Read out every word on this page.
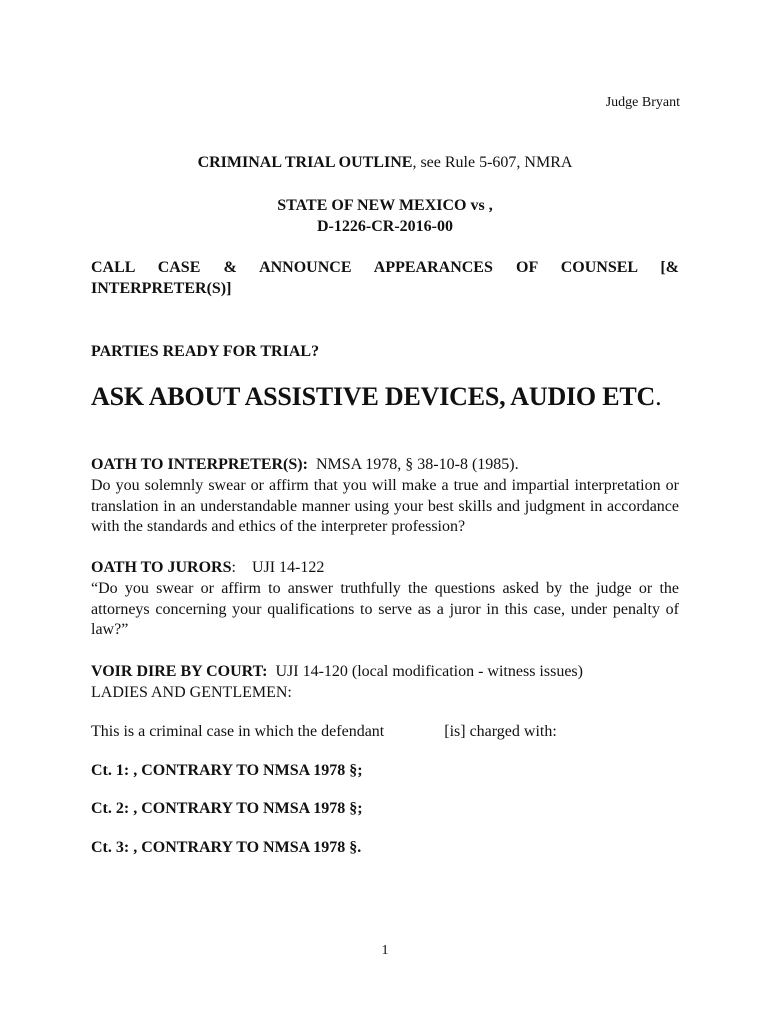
Judge Bryant
CRIMINAL TRIAL OUTLINE, see Rule 5-607, NMRA
STATE OF NEW MEXICO vs ,
D-1226-CR-2016-00
CALL CASE & ANNOUNCE APPEARANCES OF COUNSEL [&
INTERPRETER(S)]
PARTIES READY FOR TRIAL?
ASK ABOUT ASSISTIVE DEVICES, AUDIO ETC.
OATH TO INTERPRETER(S): NMSA 1978, § 38-10-8 (1985).

Do you solemnly swear or affirm that you will make a true and impartial interpretation or translation in an understandable manner using your best skills and judgment in accordance with the standards and ethics of the interpreter profession?

OATH TO JURORS: UJI 14-122

“Do you swear or affirm to answer truthfully the questions asked by the judge or the attorneys concerning your qualifications to serve as a juror in this case, under penalty of law?”

VOIR DIRE BY COURT: UJI 14-120 (local modification - witness issues)
LADIES AND GENTLEMEN:
This is a criminal case in which the defendant	[is] charged with:
Ct. 1: , CONTRARY TO NMSA 1978 §;
Ct. 2: , CONTRARY TO NMSA 1978 §;
Ct. 3: , CONTRARY TO NMSA 1978 §.
1
